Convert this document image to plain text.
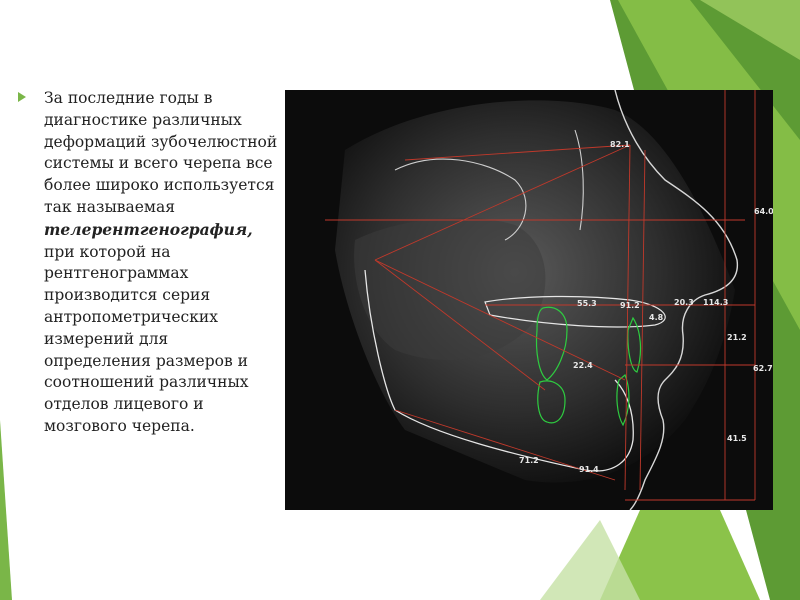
За последние годы в диагностике различных деформаций зубочелюстной системы и всего черепа все более широко используется так называемая телерентгенография, при которой на рентгенограммах производится серия антропометрических измерений для определения размеров и соотношений различных отделов лицевого и мозгового черепа.
82.1
64.0
55.3	91.2	20.3 114.3
4.8
21.2
22.4	62.7
41.5
71.2
91.4
